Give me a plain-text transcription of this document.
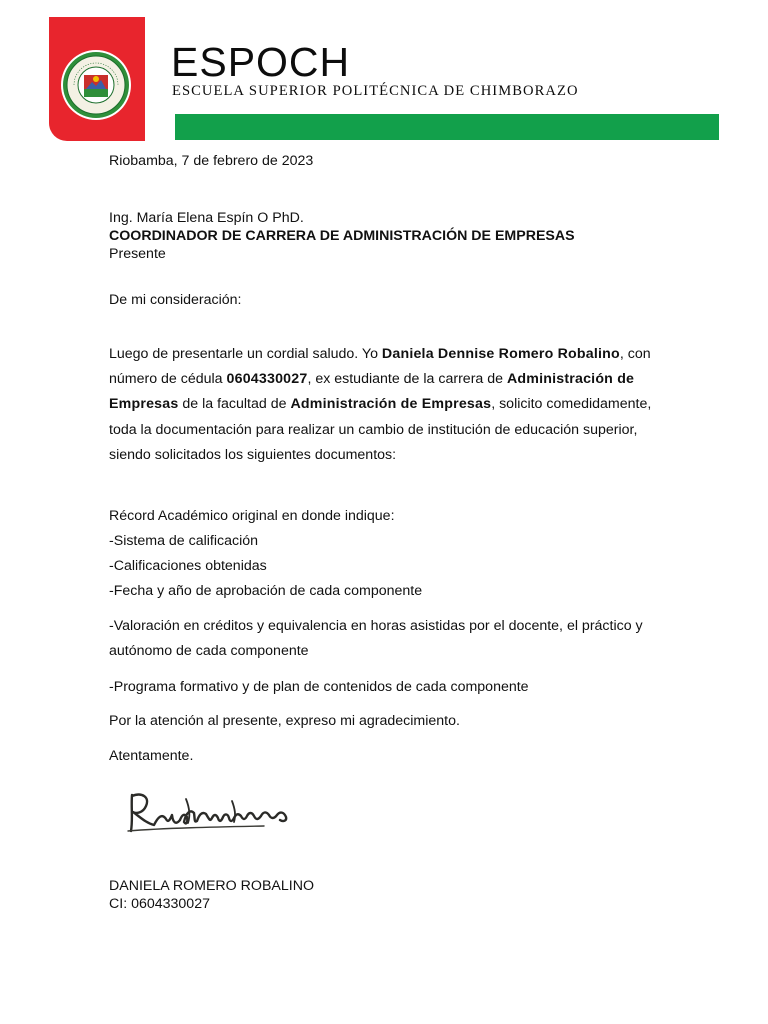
ESPOCH
ESCUELA SUPERIOR POLITÉCNICA DE CHIMBORAZO
Riobamba, 7 de febrero de 2023
Ing. María Elena Espín O PhD.
COORDINADOR DE CARRERA DE ADMINISTRACIÓN DE EMPRESAS
Presente
De mi consideración:
Luego de presentarle un cordial saludo. Yo Daniela Dennise Romero Robalino, con número de cédula 0604330027, ex estudiante de la carrera de Administración de Empresas de la facultad de Administración de Empresas, solicito comedidamente, toda la documentación para realizar un cambio de institución de educación superior, siendo solicitados los siguientes documentos:
Récord Académico original en donde indique:
-Sistema de calificación
-Calificaciones obtenidas
-Fecha y año de aprobación de cada componente
-Valoración en créditos y equivalencia en horas asistidas por el docente, el práctico y autónomo de cada componente
-Programa formativo y de plan de contenidos de cada componente
Por la atención al presente, expreso mi agradecimiento.
Atentamente.
DANIELA ROMERO ROBALINO
CI: 0604330027
